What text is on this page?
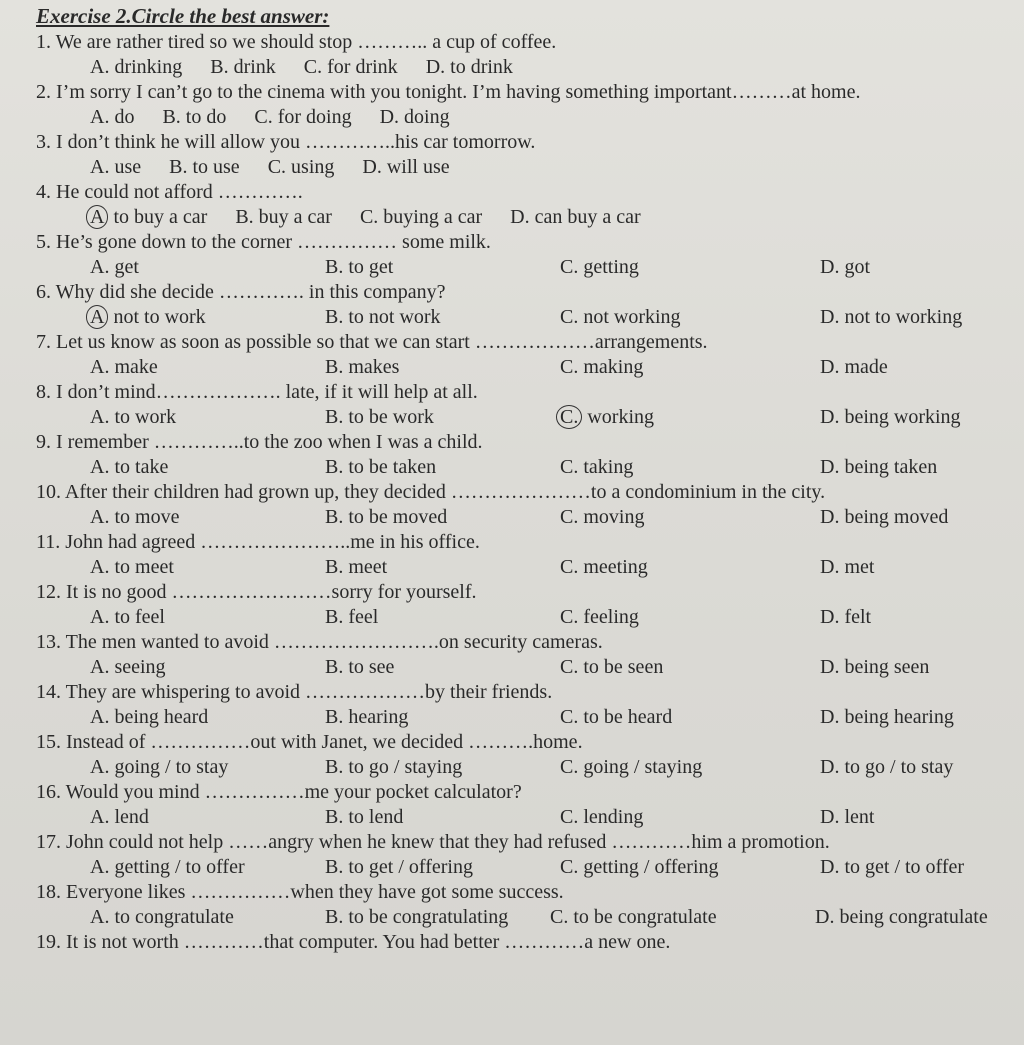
Exercise 2.Circle the best answer:
1. We are rather tired so we should stop ……….. a cup of coffee.
A. drinking B. drink C. for drink D. to drink
2. I’m sorry I can’t go to the cinema with you tonight. I’m having something important………at home.
A. do B. to do C. for doing D. doing
3. I don’t think he will allow you …………..his car tomorrow.
A. use B. to use C. using D. will use
4. He could not afford ………….
A to buy a car B. buy a car C. buying a car D. can buy a car
5. He’s gone down to the corner …………… some milk.
A. get	B. to get	C. getting	D. got
6. Why did she decide …………. in this company?
A not to work	B. to not work	C. not working	D. not to working
7. Let us know as soon as possible so that we can start ………………arrangements.
A. make	B. makes	C. making	D. made
8. I don’t mind………………. late, if it will help at all.
A. to work	B. to be work	C. working	D. being working
9. I remember …………..to the zoo when I was a child.
A. to take	B. to be taken	C. taking	D. being taken
10. After their children had grown up, they decided …………………to a condominium in the city.
A. to move	B. to be moved	C. moving	D. being moved
11. John had agreed …………………..me in his office.
A. to meet	B. meet	C. meeting	D. met
12. It is no good ……………………sorry for yourself.
A. to feel	B. feel	C. feeling	D. felt
13. The men wanted to avoid …………………….on security cameras.
A. seeing	B. to see	C. to be seen	D. being seen
14. They are whispering to avoid ………………by their friends.
A. being heard	B. hearing	C. to be heard	D. being hearing
15. Instead of ……………out with Janet, we decided ……….home.
A. going / to stay	B. to go / staying	C. going / staying	D. to go / to stay
16. Would you mind ……………me your pocket calculator?
A. lend	B. to lend	C. lending	D. lent
17. John could not help ……angry when he knew that they had refused …………him a promotion.
A. getting / to offer	B. to get / offering	C. getting / offering	D. to get / to offer
18. Everyone likes ……………when they have got some success.
A. to congratulate	B. to be congratulating	C. to be congratulate	D. being congratulate
19. It is not worth …………that computer. You had better …………a new one.
